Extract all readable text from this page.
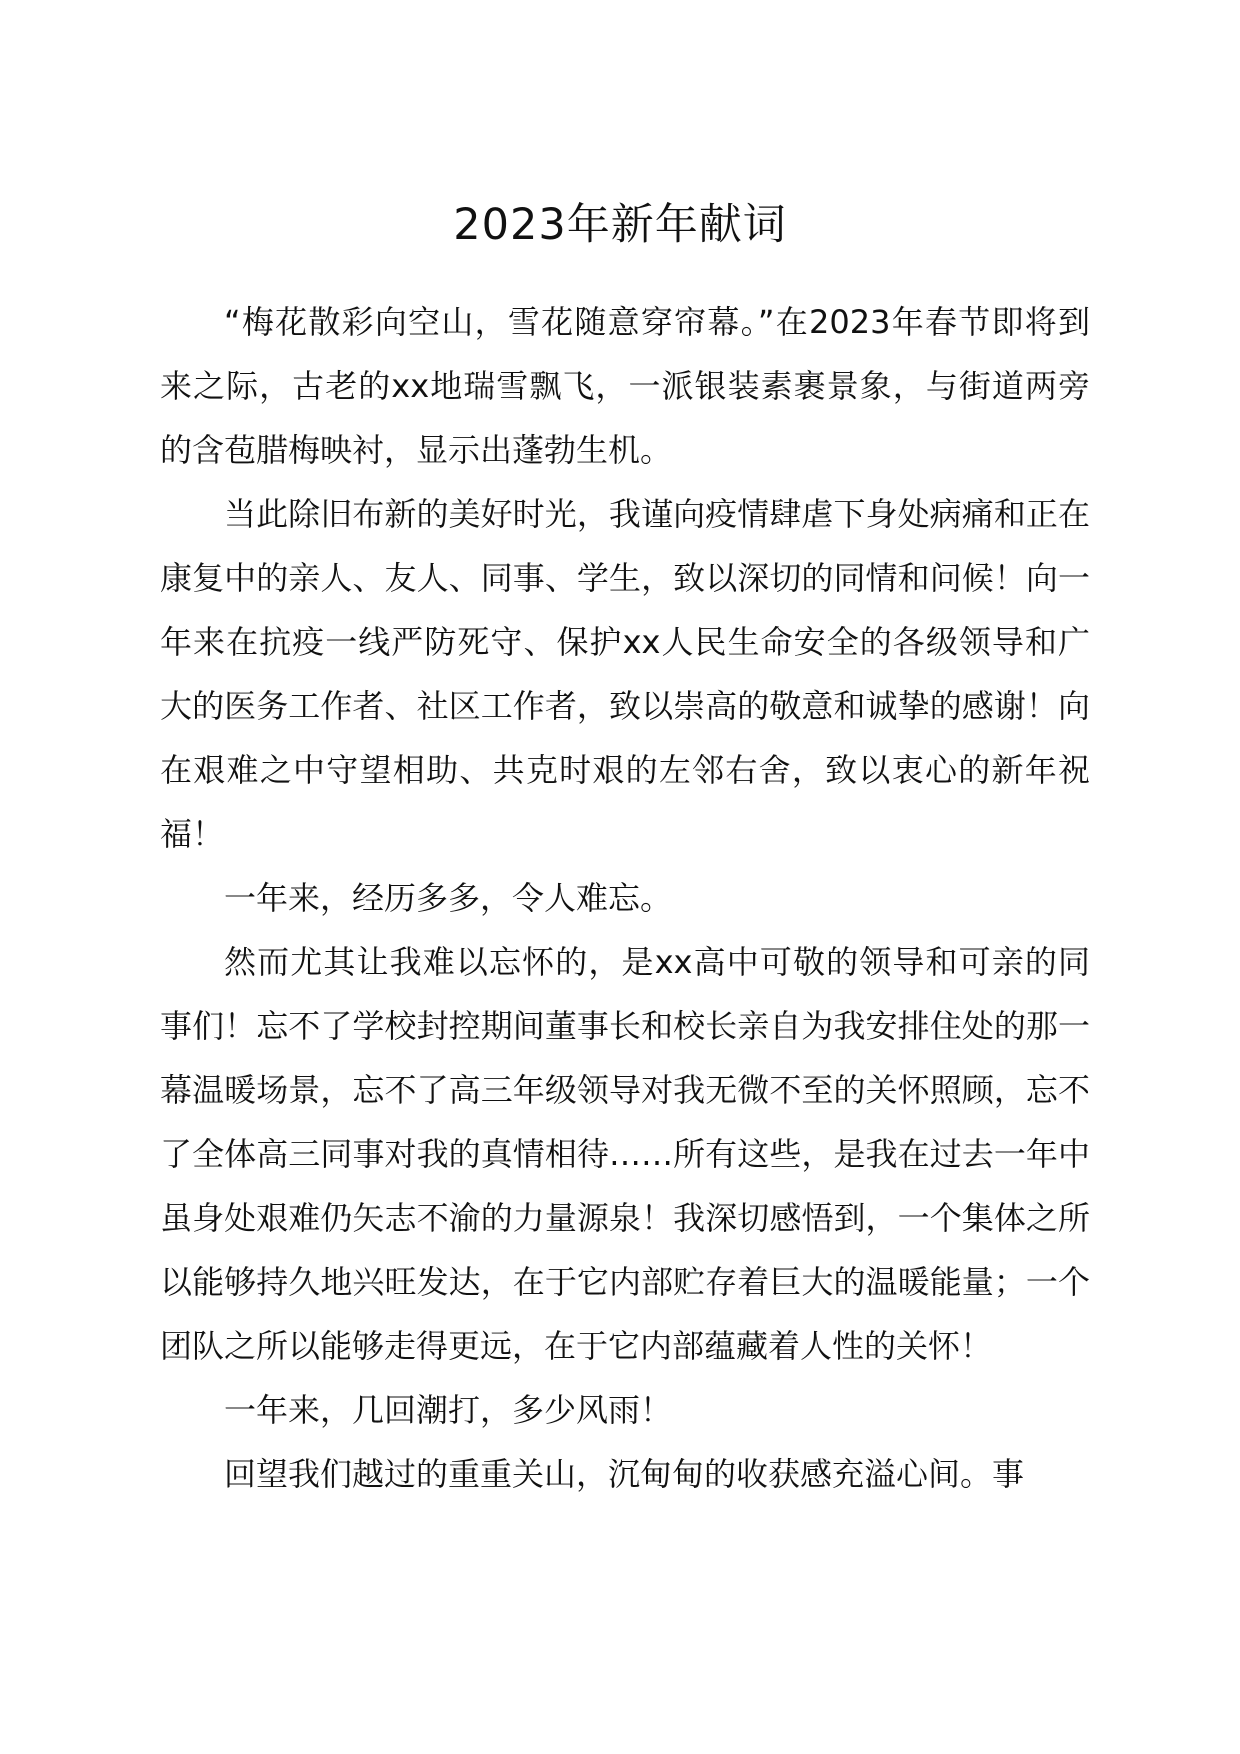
2023年新年献词

“梅花散彩向空山，雪花随意穿帘幕。”在2023年春节即将到来之际，古老的xx地瑞雪飘飞，一派银装素裹景象，与街道两旁的含苞腊梅映衬，显示出蓬勃生机。

当此除旧布新的美好时光，我谨向疫情肆虐下身处病痛和正在康复中的亲人、友人、同事、学生，致以深切的同情和问候！向一年来在抗疫一线严防死守、保护xx人民生命安全的各级领导和广大的医务工作者、社区工作者，致以崇高的敬意和诚挚的感谢！向在艰难之中守望相助、共克时艰的左邻右舍，致以衷心的新年祝福！

一年来，经历多多，令人难忘。

然而尤其让我难以忘怀的，是xx高中可敬的领导和可亲的同事们！忘不了学校封控期间董事长和校长亲自为我安排住处的那一幕温暖场景，忘不了高三年级领导对我无微不至的关怀照顾，忘不了全体高三同事对我的真情相待……所有这些，是我在过去一年中虽身处艰难仍矢志不渝的力量源泉！我深切感悟到，一个集体之所以能够持久地兴旺发达，在于它内部贮存着巨大的温暖能量；一个团队之所以能够走得更远，在于它内部蕴藏着人性的关怀！

一年来，几回潮打，多少风雨！

回望我们越过的重重关山，沉甸甸的收获感充溢心间。事
